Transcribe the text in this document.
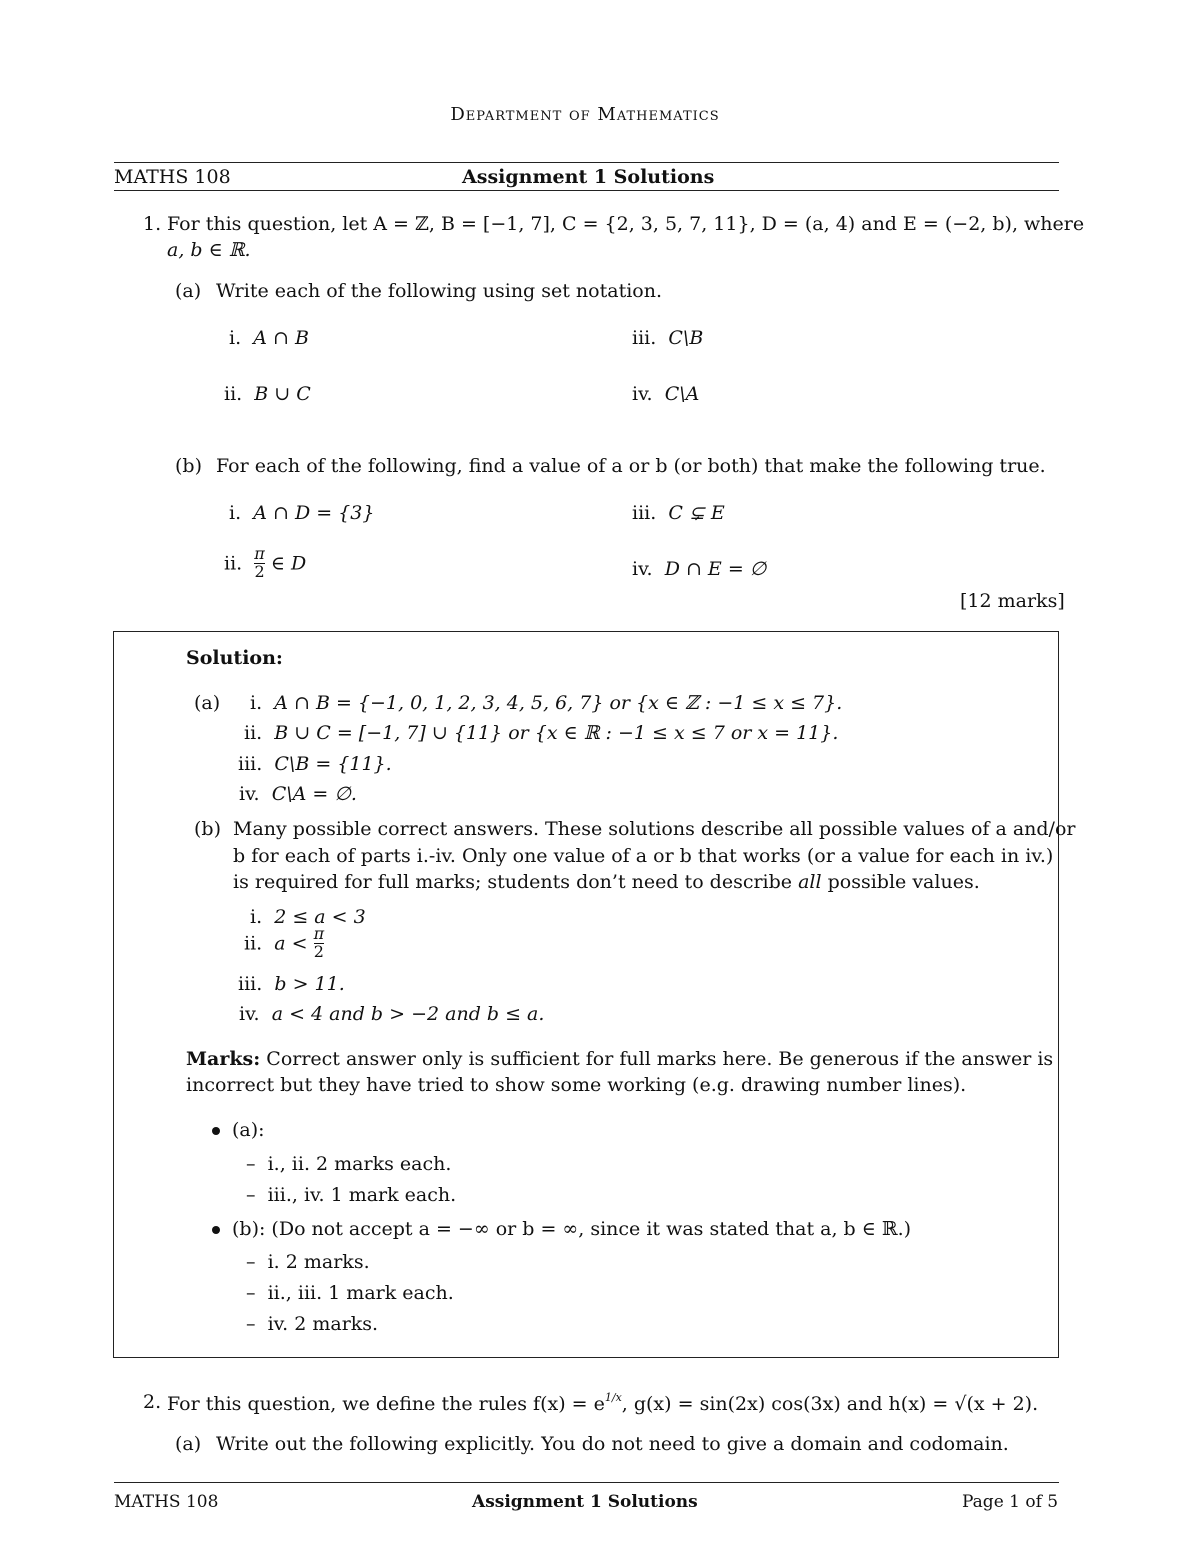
Department of Mathematics
MATHS 108	Assignment 1 Solutions
1. For this question, let A = ℤ, B = [−1, 7], C = {2, 3, 5, 7, 11}, D = (a, 4) and E = (−2, b), where
a, b ∈ ℝ.
(a) Write each of the following using set notation.
i. A ∩ B
ii. B ∪ C
iii. C\B
iv. C\A
(b) For each of the following, find a value of a or b (or both) that make the following true.
i. A ∩ D = {3}
ii. $\frac{\pi}{2}$ ∈ D
iii. C ⊊ E
iv. D ∩ E = ∅
[12 marks]
Solution:
(a) i. A ∩ B = {−1, 0, 1, 2, 3, 4, 5, 6, 7} or {x ∈ ℤ : −1 ≤ x ≤ 7}.
ii. B ∪ C = [−1, 7] ∪ {11} or {x ∈ ℝ : −1 ≤ x ≤ 7 or x = 11}.
iii. C\B = {11}.
iv. C\A = ∅.
(b) Many possible correct answers. These solutions describe all possible values of a and/or
b for each of parts i.-iv. Only one value of a or b that works (or a value for each in iv.)
is required for full marks; students don’t need to describe all possible values.
i. 2 ≤ a < 3
ii. $a < \frac{\pi}{2}$
iii. b > 11.
iv. a < 4 and b > −2 and b ≤ a.
Marks: Correct answer only is sufficient for full marks here. Be generous if the answer is
incorrect but they have tried to show some working (e.g. drawing number lines).
(a):
– i., ii. 2 marks each.
– iii., iv. 1 mark each.
(b): (Do not accept a = −∞ or b = ∞, since it was stated that a, b ∈ ℝ.)
– i. 2 marks.
– ii., iii. 1 mark each.
– iv. 2 marks.
2. For this question, we define the rules $f(x) = e^{1/x}$, g(x) = sin(2x) cos(3x) and h(x) = √(x + 2).
(a) Write out the following explicitly. You do not need to give a domain and codomain.
MATHS 108	Assignment 1 Solutions	Page 1 of 5
